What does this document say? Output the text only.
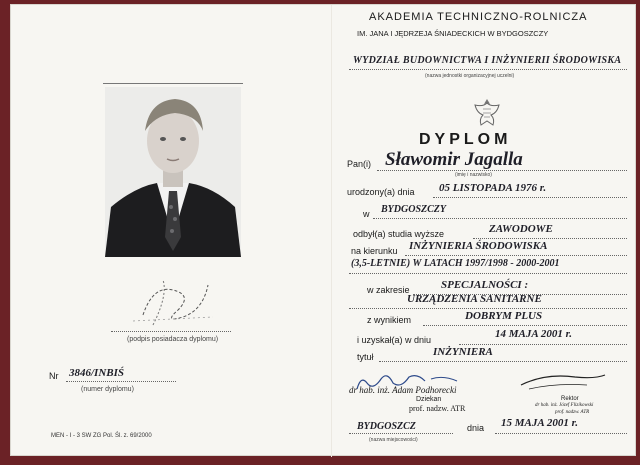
(podpis posiadacza dyplomu)
Nr 3846/INBIŚ
(numer dyplomu)
MEN - I - 3 SW ZG Pol. Śl. z. 69/2000
AKADEMIA TECHNICZNO-ROLNICZA
IM. JANA I JĘDRZEJA ŚNIADECKICH W BYDGOSZCZY
WYDZIAŁ BUDOWNICTWA I INŻYNIERII ŚRODOWISKA
(nazwa jednostki organizacyjnej uczelni)
DYPLOM
Pan(i) Sławomir Jagalla
(imię i nazwisko)
urodzony(a) dnia 05 LISTOPADA 1976 r.
w BYDGOSZCZY
odbył(a) studia wyższe	ZAWODOWE
na kierunku INŻYNIERIA ŚRODOWISKA
(3,5-LETNIE) W LATACH 1997/1998 - 2000-2001
w zakresie	SPECJALNOŚCI :
URZĄDZENIA SANITARNE
z wynikiem	DOBRYM PLUS
i uzyskał(a) w dniu	14 MAJA 2001 r.
tytuł	INŻYNIERA
dr hab. inż. Adam Podhorecki
Dziekan
prof. nadzw. ATR
Rektor
dr hab. inż. Józef Flizikowski
prof. nadzw. ATR
BYDGOSZCZ
(nazwa miejscowości)
dnia 15 MAJA 2001 r.
